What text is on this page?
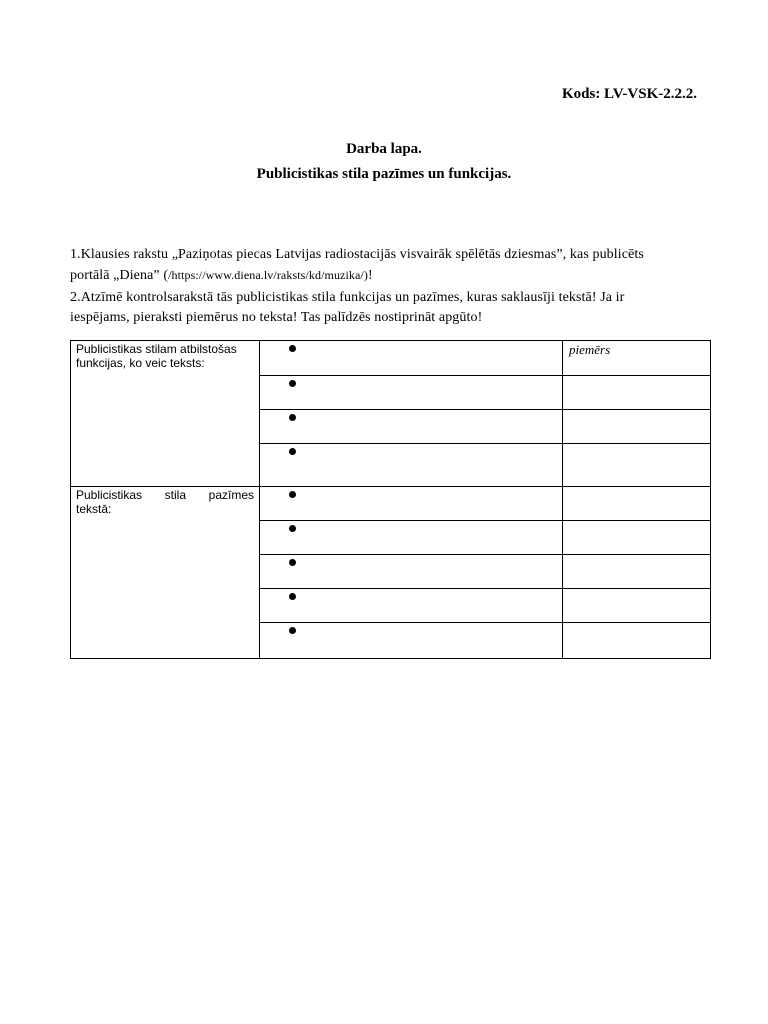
Kods: LV-VSK-2.2.2.
Darba lapa.
Publicistikas stila pazīmes un funkcijas.
1.Klausies rakstu „Paziņotas piecas Latvijas radiostacijās visvairāk spēlētās dziesmas”, kas publicēts
portālā „Diena” (/https://www.diena.lv/raksts/kd/muzika/)!
2.Atzīmē kontrolsarakstā tās publicistikas stila funkcijas un pazīmes, kuras saklausīji tekstā! Ja ir
iespējams, pieraksti piemērus no teksta! Tas palīdzēs nostiprināt apgūto!
Publicistikas stilam atbilstošas funkcijas, ko veic teksts:		piemērs

Publicistikas stila pazīmes tekstā:	
